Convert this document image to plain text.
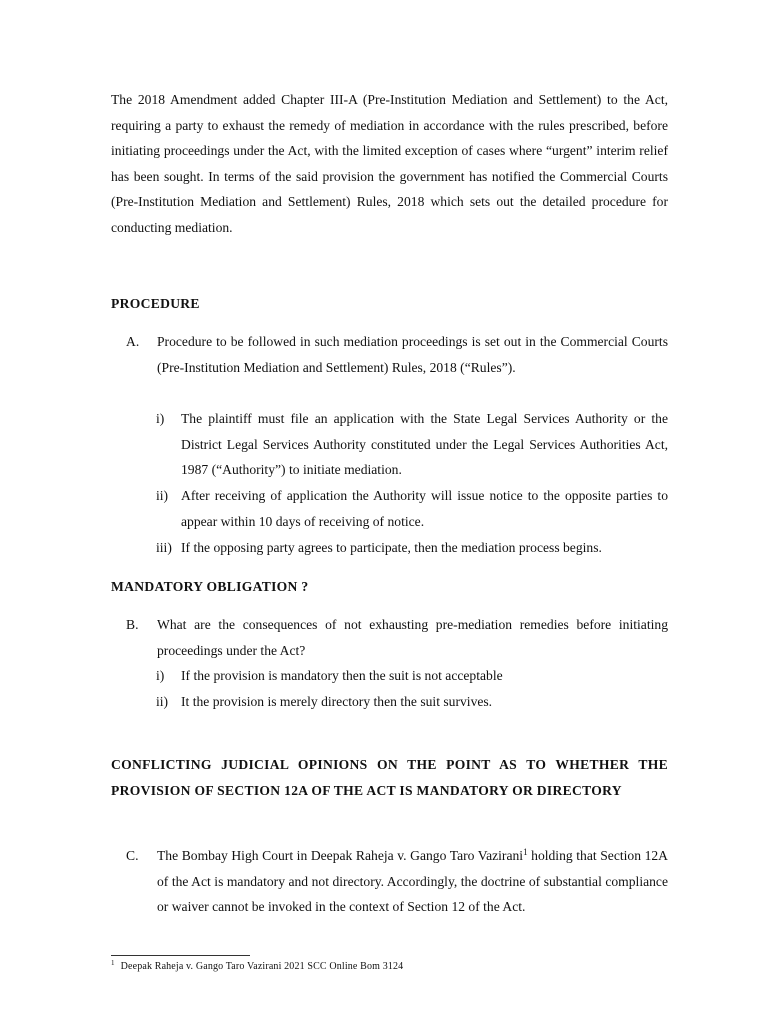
The 2018 Amendment added Chapter III-A (Pre-Institution Mediation and Settlement) to the Act, requiring a party to exhaust the remedy of mediation in accordance with the rules prescribed, before initiating proceedings under the Act, with the limited exception of cases where “urgent” interim relief has been sought. In terms of the said provision the government has notified the Commercial Courts (Pre-Institution Mediation and Settlement) Rules, 2018 which sets out the detailed procedure for conducting mediation.

PROCEDURE
A. Procedure to be followed in such mediation proceedings is set out in the Commercial Courts (Pre-Institution Mediation and Settlement) Rules, 2018 (“Rules”).
i) The plaintiff must file an application with the State Legal Services Authority or the District Legal Services Authority constituted under the Legal Services Authorities Act, 1987 (“Authority”) to initiate mediation.
ii) After receiving of application the Authority will issue notice to the opposite parties to appear within 10 days of receiving of notice.
iii) If the opposing party agrees to participate, then the mediation process begins.
MANDATORY OBLIGATION ?
B. What are the consequences of not exhausting pre-mediation remedies before initiating proceedings under the Act?
i) If the provision is mandatory then the suit is not acceptable
ii) It the provision is merely directory then the suit survives.
CONFLICTING JUDICIAL OPINIONS ON THE POINT AS TO WHETHER THE PROVISION OF SECTION 12A OF THE ACT IS MANDATORY OR DIRECTORY
C. The Bombay High Court in Deepak Raheja v. Gango Taro Vazirani$^1$ holding that Section 12A of the Act is mandatory and not directory. Accordingly, the doctrine of substantial compliance or waiver cannot be invoked in the context of Section 12 of the Act.
$^1$ Deepak Raheja v. Gango Taro Vazirani 2021 SCC Online Bom 3124
